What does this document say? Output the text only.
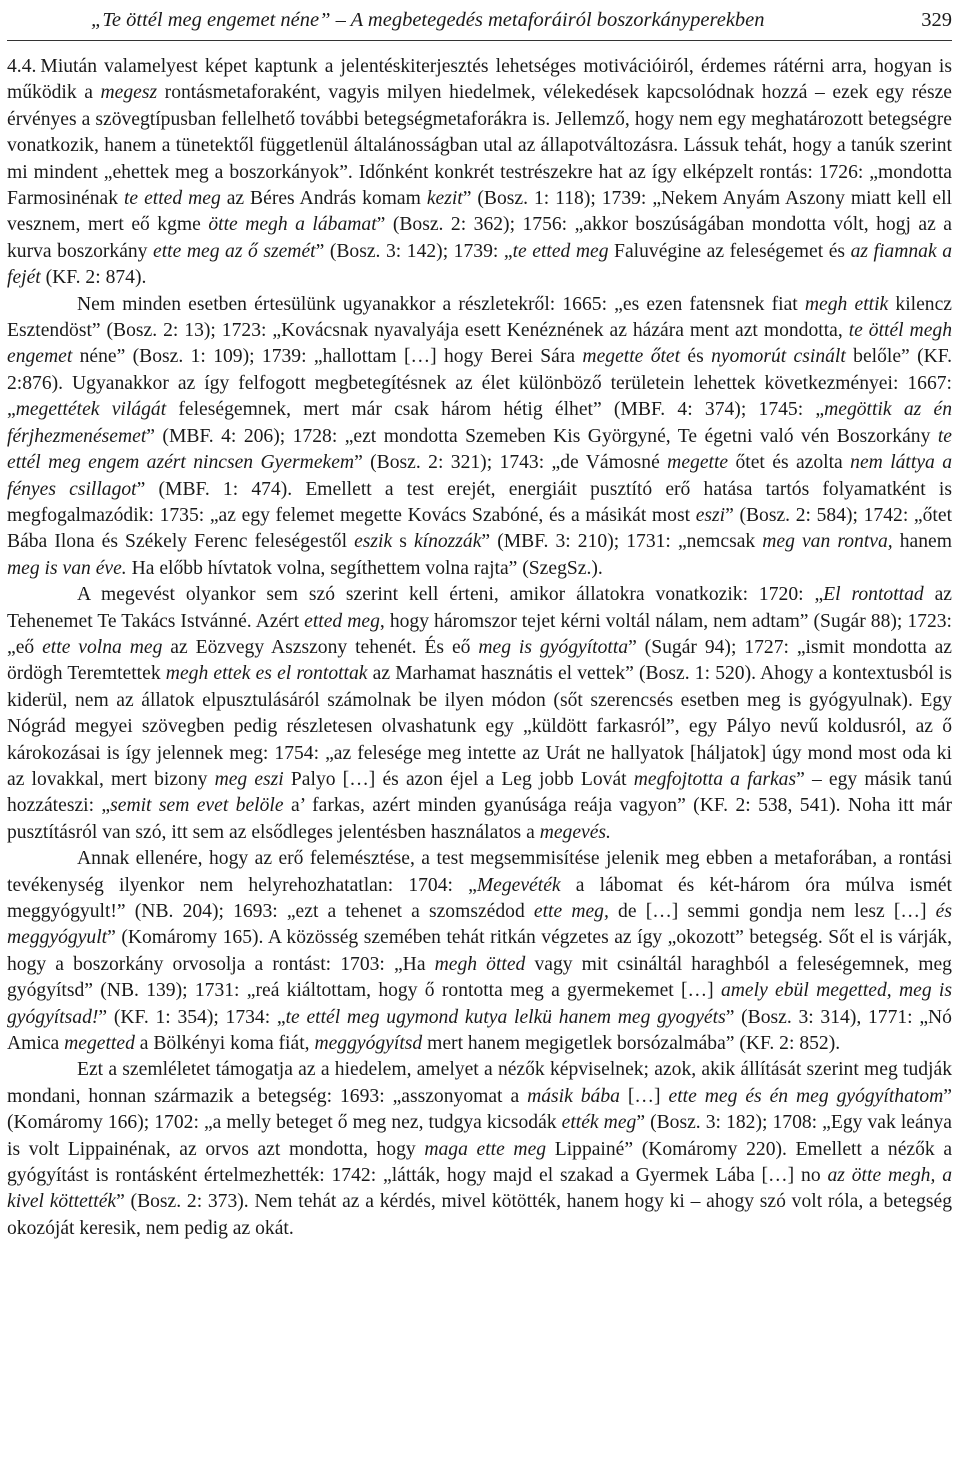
„Te öttél meg engemet néne” – A megbetegedés metaforáiról boszorkányperekben	329

4.4. Miután valamelyest képet kaptunk a jelentéskiterjesztés lehetséges motivációiról, érdemes rátérni arra, hogyan is működik a megesz rontásmetaforaként, vagyis milyen hiedelmek, vélekedések kapcsolódnak hozzá – ezek egy része érvényes a szövegtípusban fellelhető további betegségmetaforákra is. Jellemző, hogy nem egy meghatározott betegségre vonatkozik, hanem a tünetektől függetlenül általánosságban utal az állapotváltozásra. Lássuk tehát, hogy a tanúk szerint mi mindent „ehettek meg a boszorkányok”. Időnként konkrét testrészekre hat az így elképzelt rontás: 1726: „mondotta Farmosinénak te etted meg az Béres András komam kezit” (Bosz. 1: 118); 1739: „Nekem Anyám Aszony miatt kell ell vesznem, mert eő kgme ötte megh a lábamat” (Bosz. 2: 362); 1756: „akkor boszúságában mondotta vólt, hogj az a kurva boszorkány ette meg az ő szemét” (Bosz. 3: 142); 1739: „te etted meg Faluvégine az feleségemet és az fiamnak a fejét (KF. 2: 874).

Nem minden esetben értesülünk ugyanakkor a részletekről: 1665: „es ezen fatensnek fiat megh ettik kilencz Esztendöst” (Bosz. 2: 13); 1723: „Kovácsnak nyavalyája esett Kenéznének az házára ment azt mondotta, te öttél megh engemet néne” (Bosz. 1: 109); 1739: „hallottam […] hogy Berei Sára megette őtet és nyomorút csinált belőle” (KF. 2:876). Ugyanakkor az így felfogott megbetegítésnek az élet különböző területein lehettek következményei: 1667: „megettétek világát feleségemnek, mert már csak három hétig élhet” (MBF. 4: 374); 1745: „megöttik az én férjhezmenésemet” (MBF. 4: 206); 1728: „ezt mondotta Szemeben Kis Györgyné, Te égetni való vén Boszorkány te ettél meg engem azért nincsen Gyermekem” (Bosz. 2: 321); 1743: „de Vámosné megette őtet és azolta nem láttya a fényes csillagot” (MBF. 1: 474). Emellett a test erejét, energiáit pusztító erő hatása tartós folyamatként is megfogalmazódik: 1735: „az egy felemet megette Kovács Szabóné, és a másikát most eszi” (Bosz. 2: 584); 1742: „őtet Bába Ilona és Székely Ferenc feleségestől eszik s kínozzák” (MBF. 3: 210); 1731: „nemcsak meg van rontva, hanem meg is van éve. Ha előbb hívtatok volna, segíthettem volna rajta” (SzegSz.).

A megevést olyankor sem szó szerint kell érteni, amikor állatokra vonatkozik: 1720: „El rontottad az Tehenemet Te Takács Istvánné. Azért etted meg, hogy háromszor tejet kérni voltál nálam, nem adtam” (Sugár 88); 1723: „eő ette volna meg az Eözvegy Aszszony tehenét. És eő meg is gyógyította” (Sugár 94); 1727: „ismit mondotta az ördögh Teremtettek megh ettek es el rontottak az Marhamat hasznátis el vettek” (Bosz. 1: 520). Ahogy a kontextusból is kiderül, nem az állatok elpusztulásáról számolnak be ilyen módon (sőt szerencsés esetben meg is gyógyulnak). Egy Nógrád megyei szövegben pedig részletesen olvashatunk egy „küldött farkasról”, egy Pályo nevű koldusról, az ő károkozásai is így jelennek meg: 1754: „az felesége meg intette az Urát ne hallyatok [háljatok] úgy mond most oda ki az lovakkal, mert bizony meg eszi Palyo […] és azon éjel a Leg jobb Lovát megfojtotta a farkas” – egy másik tanú hozzáteszi: „semit sem evet belöle a’ farkas, azért minden gyanúsága reája vagyon” (KF. 2: 538, 541). Noha itt már pusztításról van szó, itt sem az elsődleges jelentésben használatos a megevés.

Annak ellenére, hogy az erő felemésztése, a test megsemmisítése jelenik meg ebben a metaforában, a rontási tevékenység ilyenkor nem helyrehozhatatlan: 1704: „Megevéték a lábomat és két-három óra múlva ismét meggyógyult!” (NB. 204); 1693: „ezt a tehenet a szomszédod ette meg, de […] semmi gondja nem lesz […] és meggyógyult” (Komáromy 165). A közösség szemében tehát ritkán végzetes az így „okozott” betegség. Sőt el is várják, hogy a boszorkány orvosolja a rontást: 1703: „Ha megh ötted vagy mit csináltál haraghból a feleségemnek, meg gyógyítsd” (NB. 139); 1731: „reá kiáltottam, hogy ő rontotta meg a gyermekemet […] amely ebül megetted, meg is gyógyítsad!” (KF. 1: 354); 1734: „te ettél meg ugymond kutya lelkü hanem meg gyogyéts” (Bosz. 3: 314), 1771: „Nó Amica megetted a Bölkényi koma fiát, meggyógyítsd mert hanem megigetlek borsózalmába” (KF. 2: 852).

Ezt a szemléletet támogatja az a hiedelem, amelyet a nézők képviselnek; azok, akik állítását szerint meg tudják mondani, honnan származik a betegség: 1693: „asszonyomat a másik bába […] ette meg és én meg gyógyíthatom” (Komáromy 166); 1702: „a melly beteget ő meg nez, tudgya kicsodák ették meg” (Bosz. 3: 182); 1708: „Egy vak leánya is volt Lippainénak, az orvos azt mondotta, hogy maga ette meg Lippainé” (Komáromy 220). Emellett a nézők a gyógyítást is rontásként értelmezhették: 1742: „látták, hogy majd el szakad a Gyermek Lába […] no az ötte megh, a kivel köttették” (Bosz. 2: 373). Nem tehát az a kérdés, mivel kötötték, hanem hogy ki – ahogy szó volt róla, a betegség okozóját keresik, nem pedig az okát.
